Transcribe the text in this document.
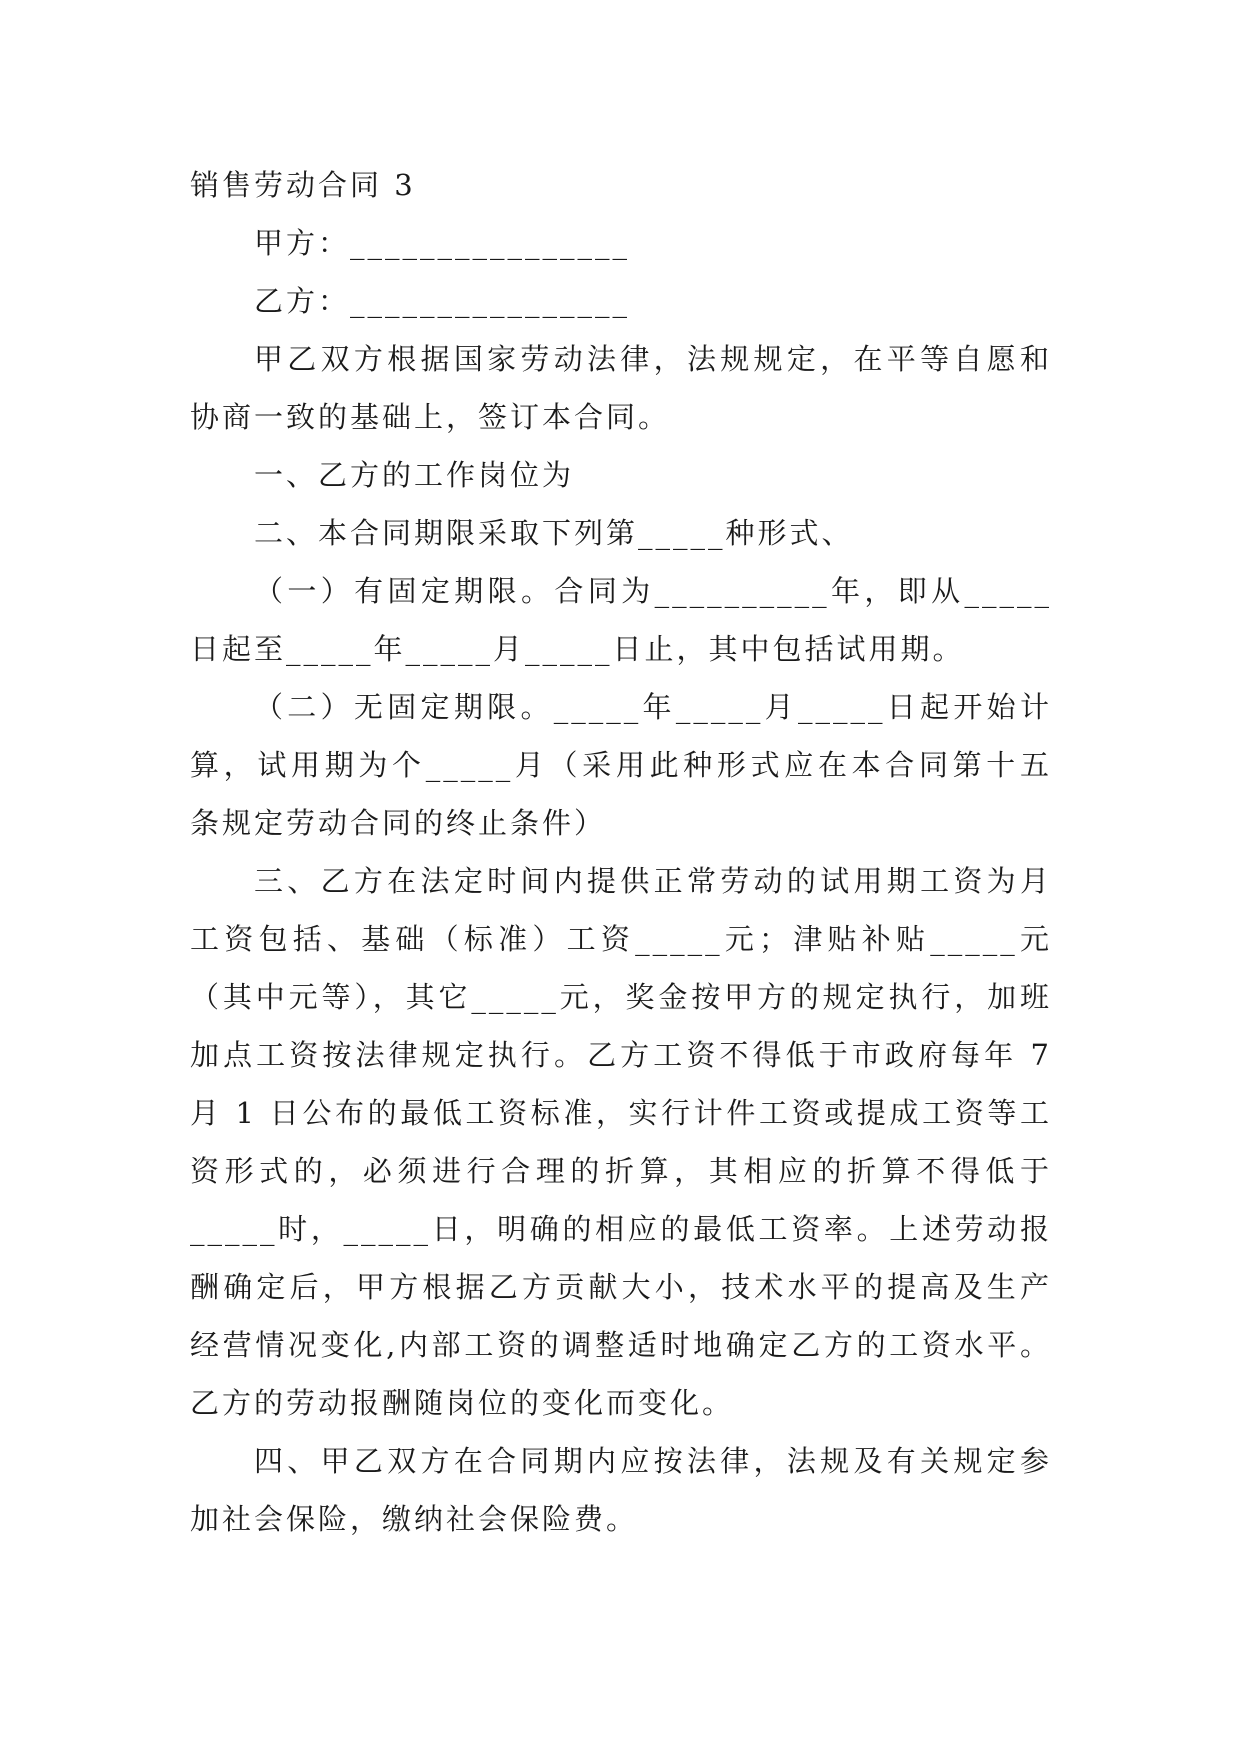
销售劳动合同 3
甲方：________________
乙方：________________
甲乙双方根据国家劳动法律，法规规定，在平等自愿和
协商一致的基础上，签订本合同。
一、乙方的工作岗位为
二、本合同期限采取下列第_____种形式、
（一）有固定期限。合同为__________年，即从_____
日起至_____年_____月_____日止，其中包括试用期。
（二）无固定期限。_____年_____月_____日起开始计
算，试用期为个_____月（采用此种形式应在本合同第十五
条规定劳动合同的终止条件）
三、乙方在法定时间内提供正常劳动的试用期工资为月
工资包括、基础（标准）工资_____元；津贴补贴_____元
（其中元等），其它_____元，奖金按甲方的规定执行，加班
加点工资按法律规定执行。乙方工资不得低于市政府每年 7
月 1 日公布的最低工资标准，实行计件工资或提成工资等工
资形式的，必须进行合理的折算，其相应的折算不得低于
_____时，_____日，明确的相应的最低工资率。上述劳动报
酬确定后，甲方根据乙方贡献大小，技术水平的提高及生产
经营情况变化,内部工资的调整适时地确定乙方的工资水平。
乙方的劳动报酬随岗位的变化而变化。
四、甲乙双方在合同期内应按法律，法规及有关规定参
加社会保险，缴纳社会保险费。
